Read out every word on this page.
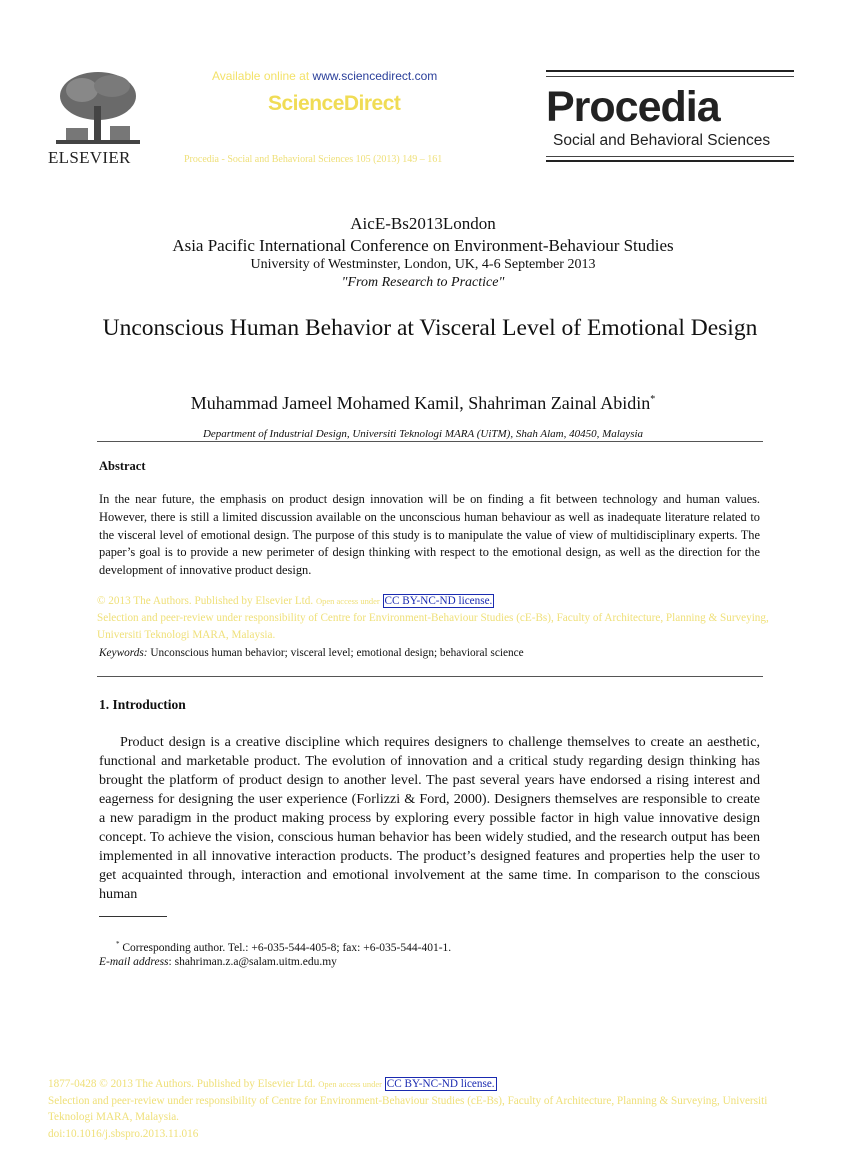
ELSEVIER
Available online at www.sciencedirect.com
ScienceDirect
Procedia - Social and Behavioral Sciences 105 (2013) 149 – 161
Procedia
Social and Behavioral Sciences
AicE-Bs2013London
Asia Pacific International Conference on Environment-Behaviour Studies
University of Westminster, London, UK, 4-6 September 2013
"From Research to Practice"
Unconscious Human Behavior at Visceral Level of Emotional Design
Muhammad Jameel Mohamed Kamil, Shahriman Zainal Abidin*
Department of Industrial Design, Universiti Teknologi MARA (UiTM), Shah Alam, 40450, Malaysia
Abstract
In the near future, the emphasis on product design innovation will be on finding a fit between technology and human values. However, there is still a limited discussion available on the unconscious human behaviour as well as inadequate literature related to the visceral level of emotional design. The purpose of this study is to manipulate the value of view of multidisciplinary experts. The paper’s goal is to provide a new perimeter of design thinking with respect to the emotional design, as well as the direction for the development of innovative product design.
© 2013 The Authors. Published by Elsevier Ltd. Open access under CC BY-NC-ND license.
Selection and peer-review under responsibility of Centre for Environment-Behaviour Studies (cE-Bs), Faculty of Architecture, Planning & Surveying, Universiti Teknologi MARA, Malaysia.
Keywords: Unconscious human behavior; visceral level; emotional design; behavioral science
1. Introduction
Product design is a creative discipline which requires designers to challenge themselves to create an aesthetic, functional and marketable product. The evolution of innovation and a critical study regarding design thinking has brought the platform of product design to another level. The past several years have endorsed a rising interest and eagerness for designing the user experience (Forlizzi & Ford, 2000). Designers themselves are responsible to create a new paradigm in the product making process by exploring every possible factor in high value innovative design concept. To achieve the vision, conscious human behavior has been widely studied, and the research output has been implemented in all innovative interaction products. The product’s designed features and properties help the user to get acquainted through, interaction and emotional involvement at the same time. In comparison to the conscious human
* Corresponding author. Tel.: +6-035-544-405-8; fax: +6-035-544-401-1.
E-mail address: shahriman.z.a@salam.uitm.edu.my
1877-0428 © 2013 The Authors. Published by Elsevier Ltd. Open access under CC BY-NC-ND license.
Selection and peer-review under responsibility of Centre for Environment-Behaviour Studies (cE-Bs), Faculty of Architecture, Planning & Surveying, Universiti Teknologi MARA, Malaysia.
doi:10.1016/j.sbspro.2013.11.016
